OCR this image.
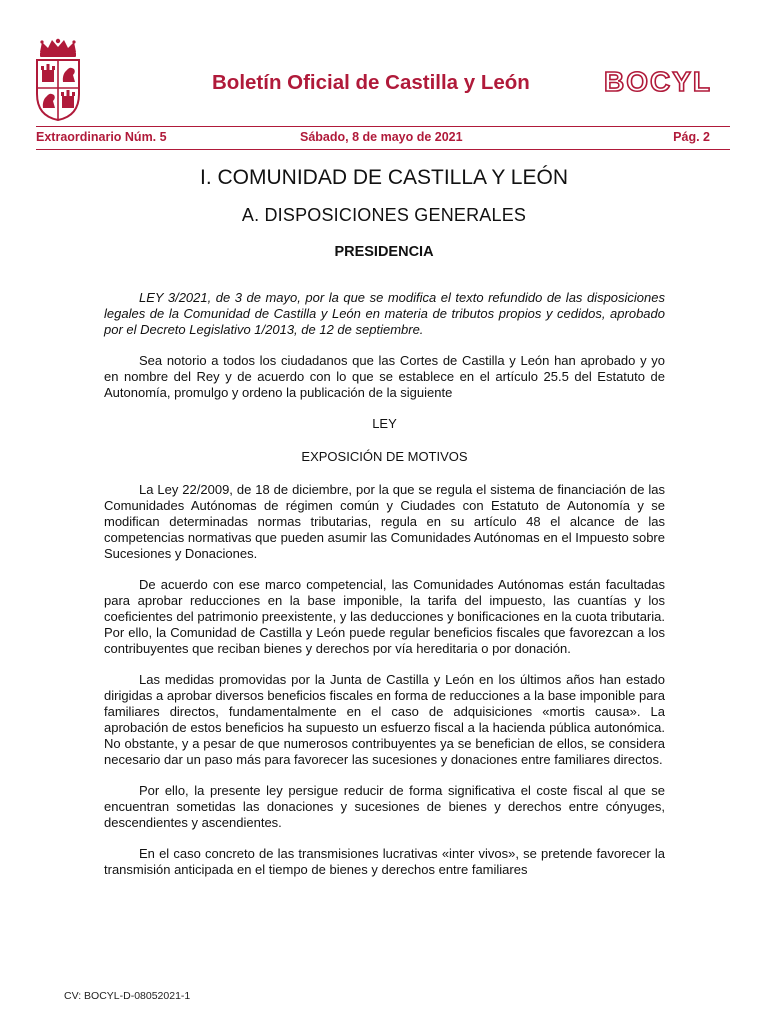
Boletín Oficial de Castilla y León	BOCYL
Extraordinario Núm. 5	Sábado, 8 de mayo de 2021	Pág. 2
I. COMUNIDAD DE CASTILLA Y LEÓN
A. DISPOSICIONES GENERALES
PRESIDENCIA

LEY 3/2021, de 3 de mayo, por la que se modifica el texto refundido de las disposiciones legales de la Comunidad de Castilla y León en materia de tributos propios y cedidos, aprobado por el Decreto Legislativo 1/2013, de 12 de septiembre.

Sea notorio a todos los ciudadanos que las Cortes de Castilla y León han aprobado y yo en nombre del Rey y de acuerdo con lo que se establece en el artículo 25.5 del Estatuto de Autonomía, promulgo y ordeno la publicación de la siguiente

LEY

EXPOSICIÓN DE MOTIVOS

La Ley 22/2009, de 18 de diciembre, por la que se regula el sistema de financiación de las Comunidades Autónomas de régimen común y Ciudades con Estatuto de Autonomía y se modifican determinadas normas tributarias, regula en su artículo 48 el alcance de las competencias normativas que pueden asumir las Comunidades Autónomas en el Impuesto sobre Sucesiones y Donaciones.

De acuerdo con ese marco competencial, las Comunidades Autónomas están facultadas para aprobar reducciones en la base imponible, la tarifa del impuesto, las cuantías y los coeficientes del patrimonio preexistente, y las deducciones y bonificaciones en la cuota tributaria. Por ello, la Comunidad de Castilla y León puede regular beneficios fiscales que favorezcan a los contribuyentes que reciban bienes y derechos por vía hereditaria o por donación.

Las medidas promovidas por la Junta de Castilla y León en los últimos años han estado dirigidas a aprobar diversos beneficios fiscales en forma de reducciones a la base imponible para familiares directos, fundamentalmente en el caso de adquisiciones «mortis causa». La aprobación de estos beneficios ha supuesto un esfuerzo fiscal a la hacienda pública autonómica. No obstante, y a pesar de que numerosos contribuyentes ya se benefician de ellos, se considera necesario dar un paso más para favorecer las sucesiones y donaciones entre familiares directos.

Por ello, la presente ley persigue reducir de forma significativa el coste fiscal al que se encuentran sometidas las donaciones y sucesiones de bienes y derechos entre cónyuges, descendientes y ascendientes.

En el caso concreto de las transmisiones lucrativas «inter vivos», se pretende favorecer la transmisión anticipada en el tiempo de bienes y derechos entre familiares

CV: BOCYL-D-08052021-1
